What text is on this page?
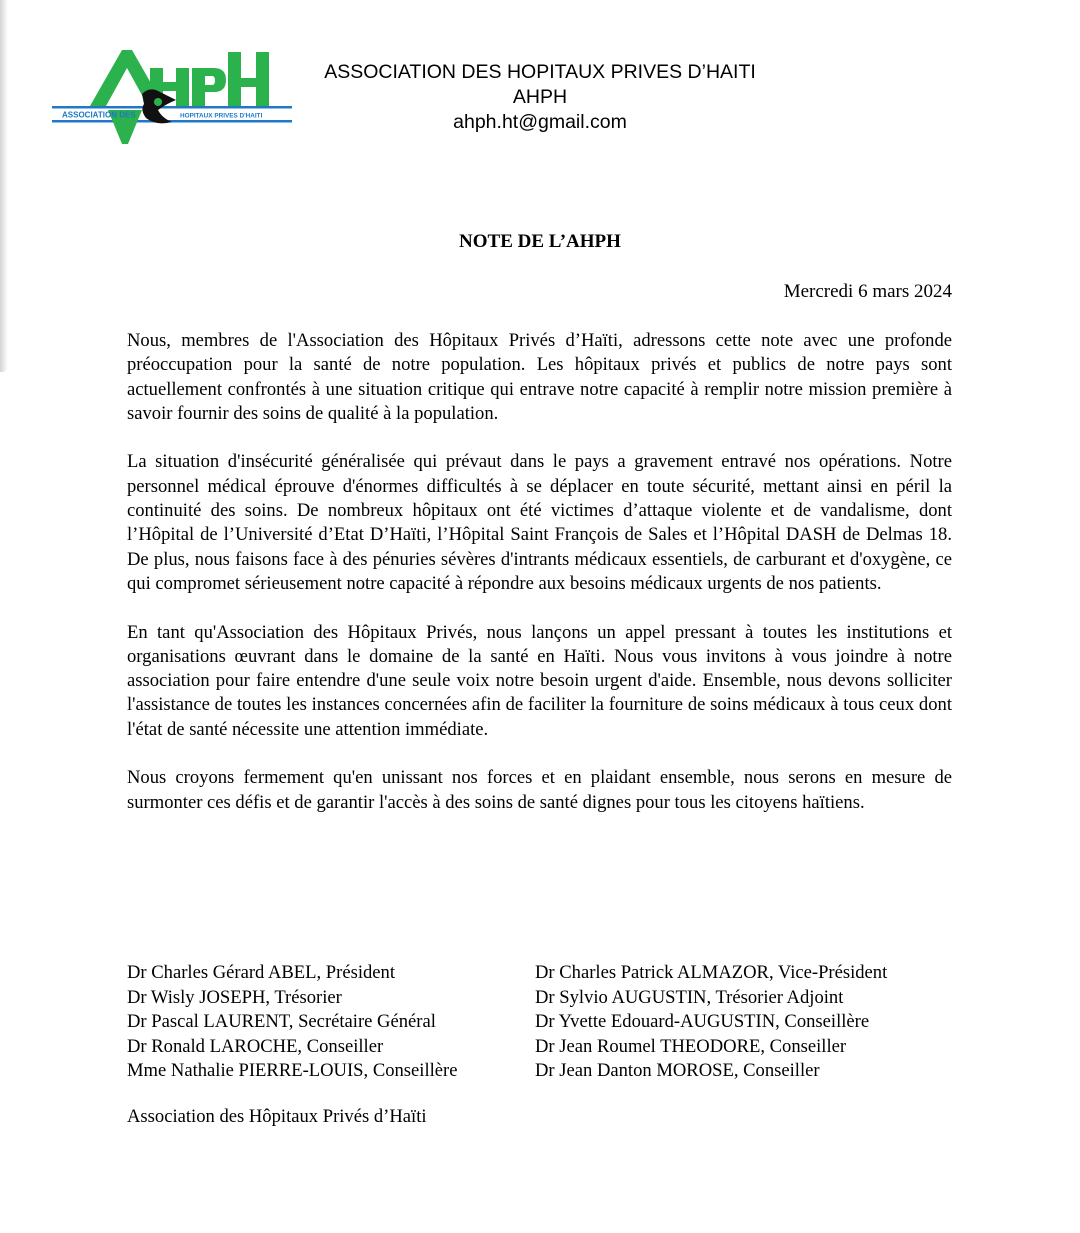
ASSOCIATION DES	HOPITAUX PRIVES D'HAITI
ASSOCIATION DES HOPITAUX PRIVES D’HAITI
AHPH
ahph.ht@gmail.com
NOTE DE L’AHPH
Mercredi 6 mars 2024

Nous, membres de l'Association des Hôpitaux Privés d’Haïti, adressons cette note avec une profonde préoccupation pour la santé de notre population. Les hôpitaux privés et publics de notre pays sont actuellement confrontés à une situation critique qui entrave notre capacité à remplir notre mission première à savoir fournir des soins de qualité à la population.

La situation d'insécurité généralisée qui prévaut dans le pays a gravement entravé nos opérations. Notre personnel médical éprouve d'énormes difficultés à se déplacer en toute sécurité, mettant ainsi en péril la continuité des soins. De nombreux hôpitaux ont été victimes d’attaque violente et de vandalisme, dont l’Hôpital de l’Université d’Etat D’Haïti, l’Hôpital Saint François de Sales et l’Hôpital DASH de Delmas 18. De plus, nous faisons face à des pénuries sévères d'intrants médicaux essentiels, de carburant et d'oxygène, ce qui compromet sérieusement notre capacité à répondre aux besoins médicaux urgents de nos patients.

En tant qu'Association des Hôpitaux Privés, nous lançons un appel pressant à toutes les institutions et organisations œuvrant dans le domaine de la santé en Haïti. Nous vous invitons à vous joindre à notre association pour faire entendre d'une seule voix notre besoin urgent d'aide. Ensemble, nous devons solliciter l'assistance de toutes les instances concernées afin de faciliter la fourniture de soins médicaux à tous ceux dont l'état de santé nécessite une attention immédiate.

Nous croyons fermement qu'en unissant nos forces et en plaidant ensemble, nous serons en mesure de surmonter ces défis et de garantir l'accès à des soins de santé dignes pour tous les citoyens haïtiens.

Dr Charles Gérard ABEL, Président
Dr Wisly JOSEPH, Trésorier
Dr Pascal LAURENT, Secrétaire Général
Dr Ronald LAROCHE, Conseiller
Mme Nathalie PIERRE-LOUIS, Conseillère
Dr Charles Patrick ALMAZOR, Vice-Président
Dr Sylvio AUGUSTIN, Trésorier Adjoint
Dr Yvette Edouard-AUGUSTIN, Conseillère
Dr Jean Roumel THEODORE, Conseiller
Dr Jean Danton MOROSE, Conseiller
Association des Hôpitaux Privés d’Haïti
